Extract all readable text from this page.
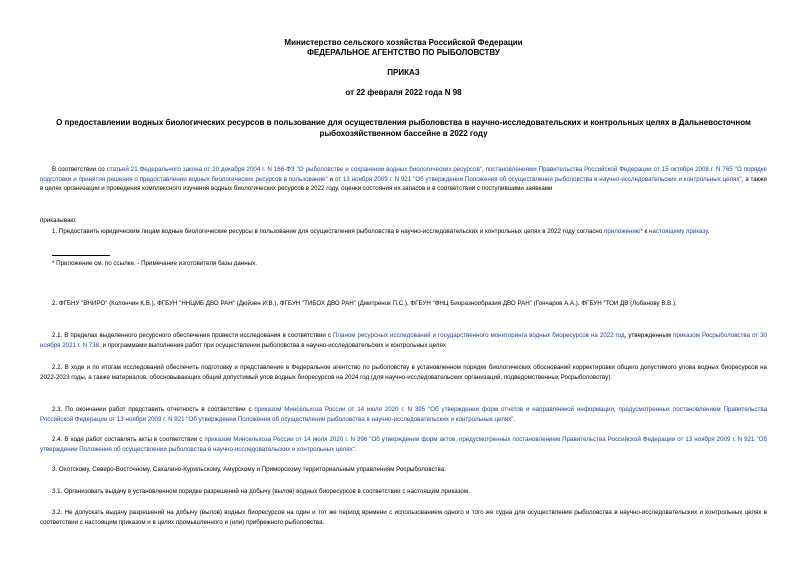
Министерство сельского хозяйства Российской Федерации
ФЕДЕРАЛЬНОЕ АГЕНТСТВО ПО РЫБОЛОВСТВУ
ПРИКАЗ
от 22 февраля 2022 года N 98
О предоставлении водных биологических ресурсов в пользование для осуществления рыболовства в научно-исследовательских и контрольных целях в Дальневосточном рыбохозяйственном бассейне в 2022 году

В соответствии со статьей 21 Федерального закона от 20 декабря 2004 г. N 166-ФЗ "О рыболовстве и сохранении водных биологических ресурсов", постановлениями Правительства Российской Федерации от 15 октября 2008 г. N 765 "О порядке подготовки и принятия решения о предоставлении водных биологических ресурсов в пользование" и от 13 ноября 2009 г. N 921 "Об утверждении Положения об осуществлении рыболовства в научно-исследовательских и контрольных целях", а также в целях организации и проведения комплексного изучения водных биологических ресурсов в 2022 году, оценки состояния их запасов и в соответствии с поступившими заявками

приказываю:

1. Предоставить юридическим лицам водные биологические ресурсы в пользование для осуществления рыболовства в научно-исследовательских и контрольных целях в 2022 году согласно приложению* к настоящему приказу.

* Приложение см. по ссылке. - Примечание изготовителя базы данных.

2. ФГБНУ "ВНИРО" (Колончин К.В.), ФГБУН "ННЦМБ ДВО РАН" (Дюйзен И.В.), ФГБУН "ТИБОХ ДВО РАН" (Дмитренок П.С.), ФГБУН "ФНЦ Биоразнообразия ДВО РАН" (Гончаров А.А.), ФГБУН "ТОИ ДВ (Лобанову В.В.):

2.1. В пределах выделенного ресурсного обеспечения провести исследования в соответствии с Планом ресурсных исследований и государственного мониторинга водных биоресурсов на 2022 год, утвержденным приказом Росрыболовства от 30 ноября 2021 г. N 738, и программами выполнения работ при осуществлении рыболовства в научно-исследовательских и контрольных целях

2.2. В ходе и по итогам исследований обеспечить подготовку и представление в Федеральное агентство по рыболовству в установленном порядке биологических обоснований корректировки общего допустимого улова водных биоресурсов на 2022-2023 годы, а также материалов, обосновывающих общий допустимый улов водных биоресурсов на 2024 год (для научно-исследовательских организаций, подведомственных Росрыболовству).

2.3. По окончании работ представить отчетность в соответствии с приказом Минсельхоза России от 14 июля 2020 г. N 395 "Об утверждении форм отчетов и направляемой информации, предусмотренных постановлением Правительства Российской Федерации от 13 ноября 2009 г. N 921 "Об утверждении Положения об осуществлении рыболовства в научно-исследовательских и контрольных целях".

2.4. В ходе работ составлять акты в соответствии с приказом Минсельхоза России от 14 июля 2020 г. N 396 "Об утверждении форм актов, предусмотренных постановлением Правительства Российской Федерации от 13 ноября 2009 г. N 921 "Об утверждении Положения об осуществлении рыболовства в научно-исследовательских и контрольных целях".

3. Охотскому, Северо-Восточному, Сахалино-Курильскому, Амурскому и Приморскому территориальным управлениям Росрыболовства:

3.1. Организовать выдачу в установленном порядке разрешений на добычу (вылов) водных биоресурсов в соответствии с настоящим приказом.

3.2. Не допускать выдачу разрешений на добычу (вылов) водных биоресурсов на один и тот же период времени с использованием одного и того же судна для осуществления рыболовства в научно-исследовательских и контрольных целях в соответствии с настоящим приказом и в целях промышленного и (или) прибрежного рыболовства.
